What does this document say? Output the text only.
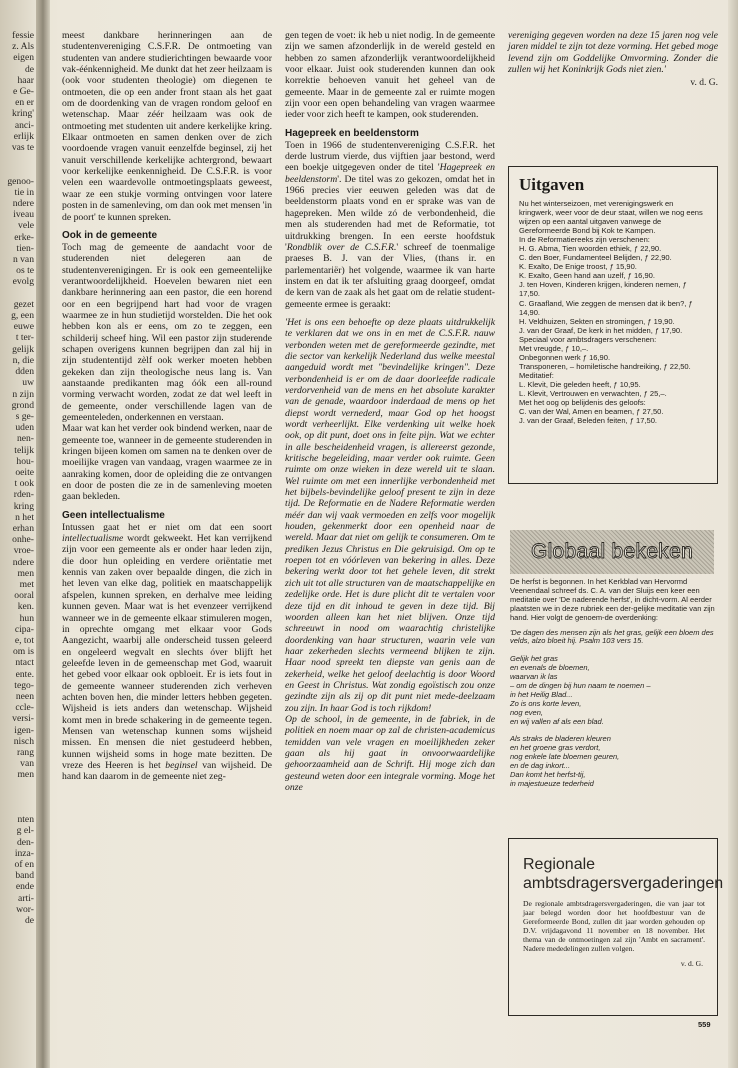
fessie
z. Als
eigen
de
haar
e Ge-
en er
kring'
anci-
erlijk
vas te

genoo-
tie in
ndere
iveau
vele
erke-
tien-
n van
os te
evolg

gezet
g, een
euwe
t ter-
gelijk
n, die
dden
uw
n zijn
grond
s ge-
uden
nen-
telijk
hou-
oeite
t ook
rden-
kring
n het
erhan
onhe-
vroe-
ndere
men
met
ooral
ken.
hun
cipa-
e, tot
om is
ntact
ente.
tego-
neen
ccle-
versi-
igen-
nisch
rang
van
men

nten
g el-
den-
inza-
of en
band
ende
arti-
wor-
de

meest dankbare herinneringen aan de studentenvereniging C.S.F.R. De ontmoeting van studenten van andere studierichtingen bewaarde voor vak-éénkennigheid. Me dunkt dat het zeer heilzaam is (ook voor studenten theologie) om diegenen te ontmoeten, die op een ander front staan als het gaat om de doordenking van de vragen rondom geloof en wetenschap. Maar zéér heilzaam was ook de ontmoeting met studenten uit andere kerkelijke kring. Elkaar ontmoeten en samen denken over de zich voordoende vragen vanuit eenzelfde beginsel, zij het vanuit verschillende kerkelijke achtergrond, bewaart voor kerkelijke eenkennigheid. De C.S.F.R. is voor velen een waardevolle ontmoetingsplaats geweest, waar ze een stukje vorming ontvingen voor latere posten in de samenleving, om dan ook met mensen 'in de poort' te kunnen spreken.

Ook in de gemeente

Toch mag de gemeente de aandacht voor de studerenden niet delegeren aan de studentenverenigingen. Er is ook een gemeentelijke verantwoordelijkheid. Hoevelen bewaren niet een dankbare herinnering aan een pastor, die een horend oor en een begrijpend hart had voor de vragen waarmee ze in hun studietijd worstelden. Die het ook hebben kon als er eens, om zo te zeggen, een schilderij scheef hing. Wil een pastor zijn studerende schapen overigens kunnen begrijpen dan zal hij in zijn studententijd zèlf ook werker moeten hebben gekeken dan zijn theologische neus lang is. Van aanstaande predikanten mag óók een all-round vorming verwacht worden, zodat ze dat wel leeft in de gemeente, onder verschillende lagen van de gemeenteleden, onderkennen en verstaan.

Maar wat kan het verder ook bindend werken, naar de gemeente toe, wanneer in de gemeente studerenden in kringen bijeen komen om samen na te denken over de moeilijke vragen van vandaag, vragen waarmee ze in aanraking komen, door de opleiding die ze ontvangen en door de posten die ze in de samenleving moeten gaan bekleden.

Geen intellectualisme

Intussen gaat het er niet om dat een soort intellectualisme wordt gekweekt. Het kan verrijkend zijn voor een gemeente als er onder haar leden zijn, die door hun opleiding en verdere oriëntatie met kennis van zaken over bepaalde dingen, die zich in het leven van elke dag, politiek en maatschappelijk afspelen, kunnen spreken, en derhalve mee leiding kunnen geven. Maar wat is het evenzeer verrijkend wanneer we in de gemeente elkaar stimuleren mogen, in oprechte omgang met elkaar voor Gods Aangezicht, waarbij alle onderscheid tussen geleerd en ongeleerd wegvalt en slechts óver blijft het geleefde leven in de gemeenschap met God, waaruit het gebed voor elkaar ook opbloeit. Er is iets fout in de gemeente wanneer studerenden zich verheven achten boven hen, die minder letters hebben gegeten. Wijsheid is iets anders dan wetenschap. Wijsheid komt men in brede schakering in de gemeente tegen. Mensen van wetenschap kunnen soms wijsheid missen. En mensen die niet gestudeerd hebben, kunnen wijsheid soms in hoge mate bezitten. De vreze des Heeren is het beginsel van wijsheid. De hand kan daarom in de gemeente niet zeg-

gen tegen de voet: ik heb u niet nodig. In de gemeente zijn we samen afzonderlijk in de wereld gesteld en hebben zo samen afzonderlijk verantwoordelijkheid voor elkaar. Juist ook studerenden kunnen dan ook korrektie behoeven vanuit het geheel van de gemeente. Maar in de gemeente zal er ruimte mogen zijn voor een open behandeling van vragen waarmee ieder voor zich heeft te kampen, ook studerenden.

Hagepreek en beeldenstorm

Toen in 1966 de studentenvereniging C.S.F.R. het derde lustrum vierde, dus vijftien jaar bestond, werd een boekje uitgegeven onder de titel 'Hagepreek en beeldenstorm'. De titel was zo gekozen, omdat het in 1966 precies vier eeuwen geleden was dat de beeldenstorm plaats vond en er sprake was van de hagepreken. Men wilde zó de verbondenheid, die men als studerenden had met de Reformatie, tot uitdrukking brengen. In een eerste hoofdstuk 'Rondblik over de C.S.F.R.' schreef de toenmalige praeses B. J. van der Vlies, (thans ir. en parlementariër) het volgende, waarmee ik van harte instem en dat ik ter afsluiting graag doorgeef, omdat de kern van de zaak als het gaat om de relatie student-gemeente ermee is geraakt:

'Het is ons een behoefte op deze plaats uitdrukkelijk te verklaren dat we ons in en met de C.S.F.R. nauw verbonden weten met de gereformeerde gezindte, met die sector van kerkelijk Nederland dus welke meestal aangeduid wordt met "bevindelijke kringen". Deze verbondenheid is er om de daar doorleefde radicale verdorvenheid van de mens en het absolute karakter van de genade, waardoor inderdaad de mens op het diepst wordt vernederd, maar God op het hoogst wordt verheerlijkt. Elke verdenking uit welke hoek ook, op dit punt, doet ons in feite pijn. Wat we echter in alle bescheidenheid vragen, is allereerst gezonde, kritische begeleiding, maar verder ook ruimte. Geen ruimte om onze wieken in deze wereld uit te slaan. Wel ruimte om met een innerlijke verbondenheid met het bijbels-bevindelijke geloof present te zijn in deze tijd. De Reformatie en de Nadere Reformatie werden méér dan wij vaak vermoeden en zelfs voor mogelijk houden, gekenmerkt door een openheid naar de wereld. Maar dat niet om gelijk te consumeren. Om te prediken Jezus Christus en Die gekruisigd. Om op te roepen tot en vóórleven van bekering in alles. Deze bekering werkt door tot het gehele leven, dit strekt zich uit tot alle structuren van de maatschappelijke en zedelijke orde. Het is dure plicht dit te vertalen voor deze tijd en dit inhoud te geven in deze tijd. Bij woorden alleen kan het niet blijven. Onze tijd schreeuwt in nood om waarachtig christelijke doordenking van haar structuren, waarin vele van haar zekerheden slechts vermeend blijken te zijn. Haar nood spreekt ten diepste van genis aan de zekerheid, welke het geloof deelachtig is door Woord en Geest in Christus. Wat zondig egoïstisch zou onze gezindte zijn als zij op dit punt niet mede-deelzaam zou zijn. In haar God is toch rijkdom!

Op de school, in de gemeente, in de fabriek, in de politiek en noem maar op zal de christen-academicus temidden van vele vragen en moeilijkheden zeker gaan als hij gaat in onvoorwaardelijke gehoorzaamheid aan de Schrift. Hij moge zich dan gesteund weten door een integrale vorming. Moge het onze

vereniging gegeven worden na deze 15 jaren nog vele jaren middel te zijn tot deze vorming. Het gebed moge levend zijn om Goddelijke Omvorming. Zonder die zullen wij het Koninkrijk Gods niet zien.'
v. d. G.
Uitgaven
Nu het winterseizoen, met verenigingswerk en kringwerk, weer voor de deur staat, willen we nog eens wijzen op een aantal uitgaven vanwege de Gereformeerde Bond bij Kok te Kampen.
In de Reformatiereeks zijn verschenen:
H. G. Abma, Tien woorden ethiek, ƒ 22,90.
C. den Boer, Fundamenteel Belijden, ƒ 22,90.
K. Exalto, De Enige troost, ƒ 15,90.
K. Exalto, Geen hand aan uzelf, ƒ 16,90.
J. ten Hoven, Kinderen krijgen, kinderen nemen, ƒ 17,50.
C. Graafland, Wie zeggen de mensen dat ik ben?, ƒ 14,90.
H. Veldhuizen, Sekten en stromingen, ƒ 19,90.
J. van der Graaf, De kerk in het midden, ƒ 17,90.
Speciaal voor ambtsdragers verschenen:
Met vreugde, ƒ 10,–.
Onbegonnen werk ƒ 16,90.
Transponeren, – homiletische handreiking, ƒ 22,50.
Meditatief:
L. Klevit, Die geleden heeft, ƒ 10,95.
L. Klevit, Vertrouwen en verwachten, ƒ 25,–.
Met het oog op belijdenis des geloofs:
C. van der Wal, Amen en beamen, ƒ 27,50.
J. van der Graaf, Beleden feiten, ƒ 17,50.
Globaal bekeken
De herfst is begonnen. In het Kerkblad van Hervormd Veenendaal schreef ds. C. A. van der Sluijs een keer een meditatie over 'De naderende herfst', in dicht-vorm. Al eerder plaatsten we in deze rubriek een der-gelijke meditatie van zijn hand. Hier volgt de genoem-de overdenking:
'De dagen des mensen zijn als het gras, gelijk een bloem des velds, alzo bloeit hij. Psalm 103 vers 15.

Gelijk het gras
en evenals de bloemen,
waarvan ik las
– om de dingen bij hun naam te noemen –
in het Heilig Blad...
Zo is ons korte leven,
nog even,
en wij vallen af als een blad.

Als straks de bladeren kleuren
en het groene gras verdort,
nog enkele late bloemen geuren,
en de dag inkort...
Dan komt het herfst-tij,
in majestueuze tederheid
Regionale ambtsdragersvergaderingen
De regionale ambtsdragersvergaderingen, die van jaar tot jaar belegd worden door het hoofdbestuur van de Gereformeerde Bond, zullen dit jaar worden gehouden op D.V. vrijdagavond 11 november en 18 november. Het thema van de ontmoetingen zal zijn 'Ambt en sacrament'. Nadere mededelingen zullen volgen.
v. d. G.
559
